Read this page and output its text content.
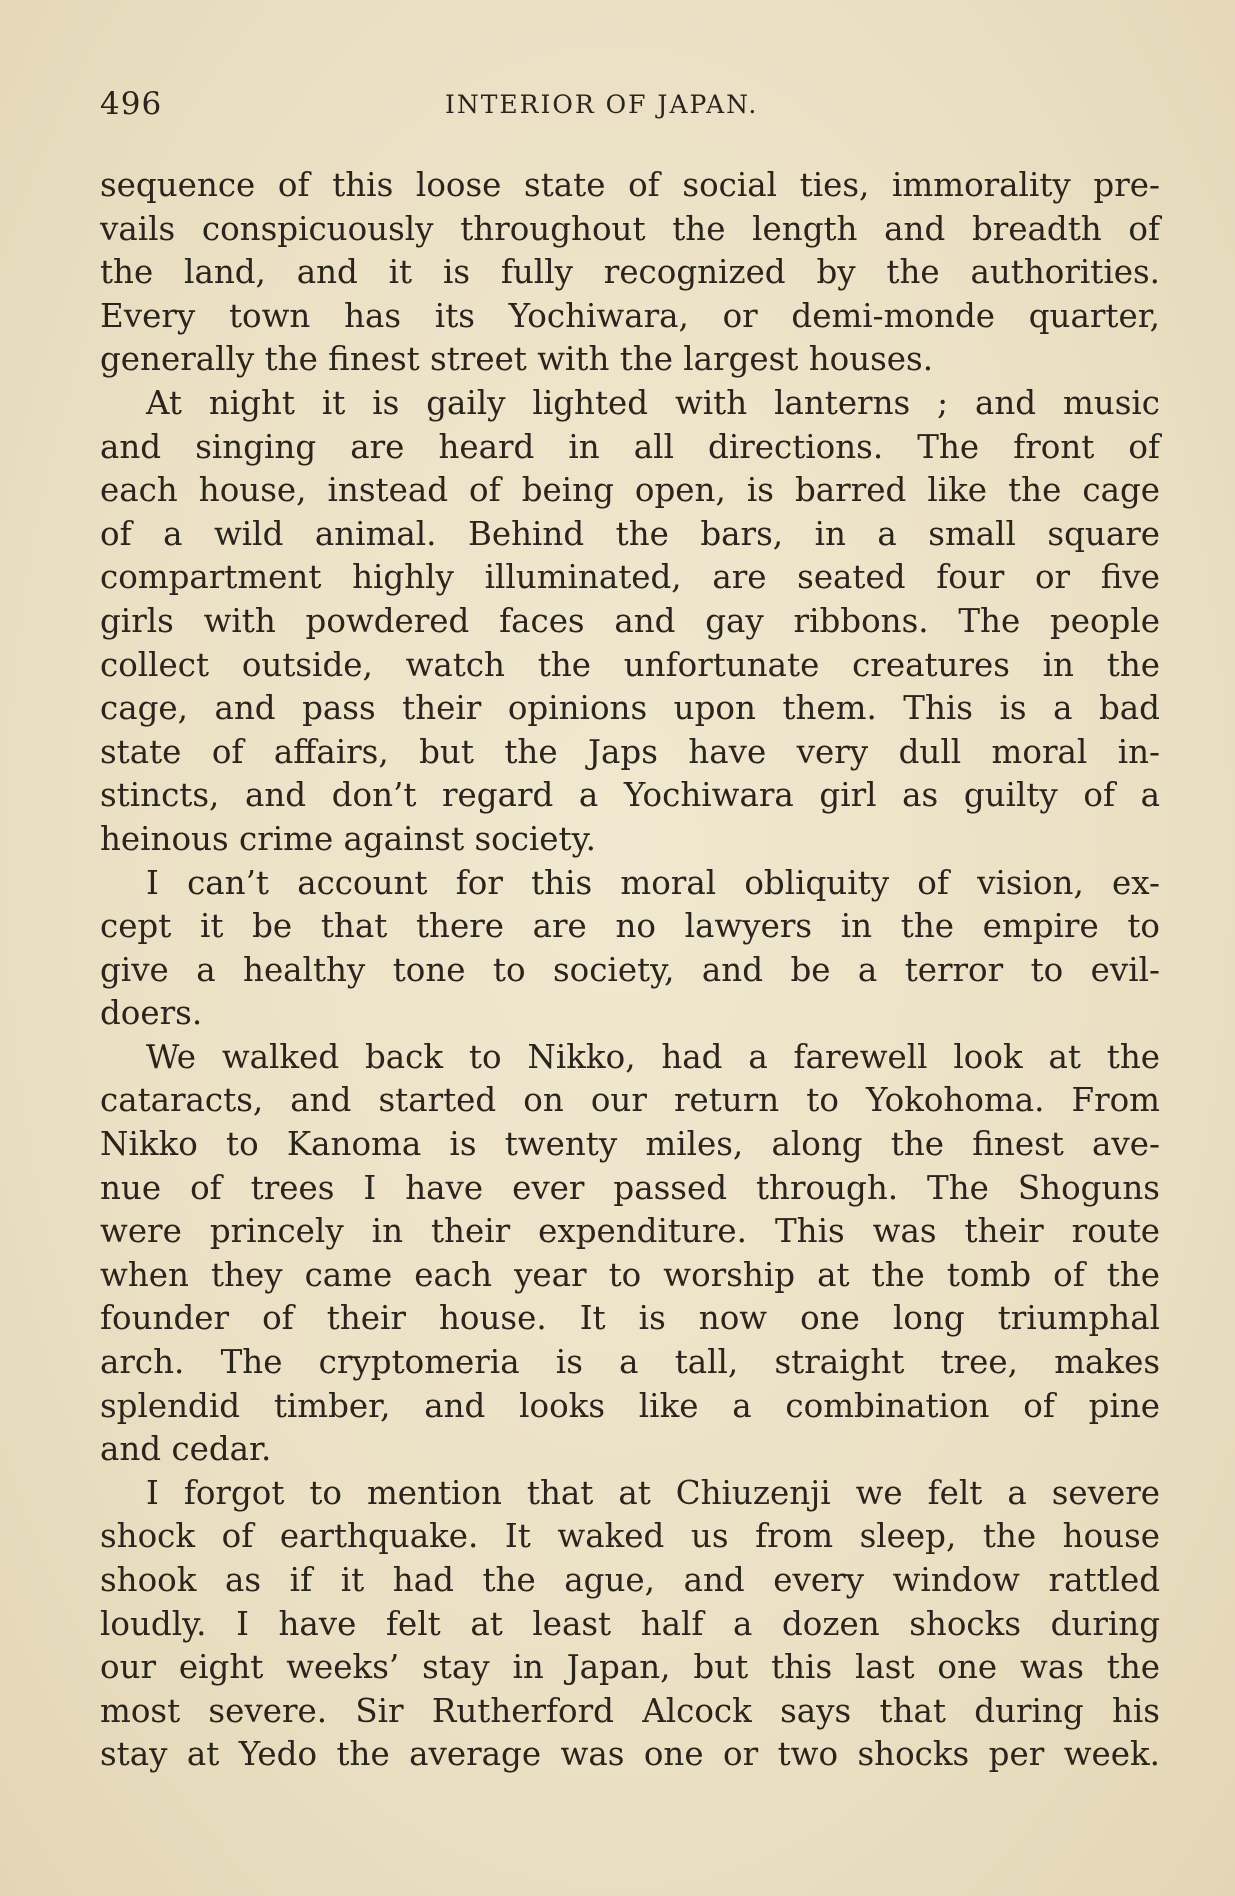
496	INTERIOR OF JAPAN.

sequence of this loose state of social ties, immorality pre-

vails conspicuously throughout the length and breadth of

the land, and it is fully recognized by the authorities.

Every town has its Yochiwara, or demi-monde quarter,

generally the finest street with the largest houses.

At night it is gaily lighted with lanterns ; and music

and singing are heard in all directions. The front of

each house, instead of being open, is barred like the cage

of a wild animal. Behind the bars, in a small square

compartment highly illuminated, are seated four or five

girls with powdered faces and gay ribbons. The people

collect outside, watch the unfortunate creatures in the

cage, and pass their opinions upon them. This is a bad

state of affairs, but the Japs have very dull moral in-

stincts, and don’t regard a Yochiwara girl as guilty of a

heinous crime against society.

I can’t account for this moral obliquity of vision, ex-

cept it be that there are no lawyers in the empire to

give a healthy tone to society, and be a terror to evil-

doers.

We walked back to Nikko, had a farewell look at the

cataracts, and started on our return to Yokohoma. From

Nikko to Kanoma is twenty miles, along the finest ave-

nue of trees I have ever passed through. The Shoguns

were princely in their expenditure. This was their route

when they came each year to worship at the tomb of the

founder of their house. It is now one long triumphal

arch. The cryptomeria is a tall, straight tree, makes

splendid timber, and looks like a combination of pine

and cedar.

I forgot to mention that at Chiuzenji we felt a severe

shock of earthquake. It waked us from sleep, the house

shook as if it had the ague, and every window rattled

loudly. I have felt at least half a dozen shocks during

our eight weeks’ stay in Japan, but this last one was the

most severe. Sir Rutherford Alcock says that during his

stay at Yedo the average was one or two shocks per week.
